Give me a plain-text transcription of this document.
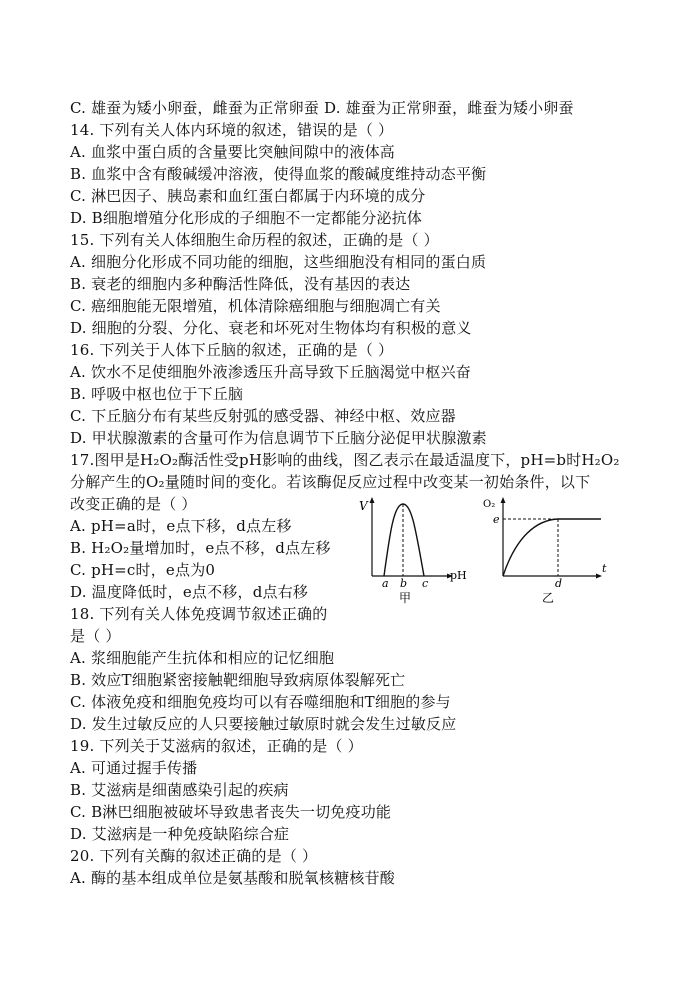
C. 雄蚕为矮小卵蚕，雌蚕为正常卵蚕 D. 雄蚕为正常卵蚕，雌蚕为矮小卵蚕
14. 下列有关人体内环境的叙述，错误的是（ ）
A. 血浆中蛋白质的含量要比突触间隙中的液体高
B. 血浆中含有酸碱缓冲溶液，使得血浆的酸碱度维持动态平衡
C. 淋巴因子、胰岛素和血红蛋白都属于内环境的成分
D. B细胞增殖分化形成的子细胞不一定都能分泌抗体
15. 下列有关人体细胞生命历程的叙述，正确的是（ ）
A. 细胞分化形成不同功能的细胞，这些细胞没有相同的蛋白质
B. 衰老的细胞内多种酶活性降低，没有基因的表达
C. 癌细胞能无限增殖，机体清除癌细胞与细胞凋亡有关
D. 细胞的分裂、分化、衰老和坏死对生物体均有积极的意义
16. 下列关于人体下丘脑的叙述，正确的是（ ）
A. 饮水不足使细胞外液渗透压升高导致下丘脑渴觉中枢兴奋
B. 呼吸中枢也位于下丘脑
C. 下丘脑分布有某些反射弧的感受器、神经中枢、效应器
D. 甲状腺激素的含量可作为信息调节下丘脑分泌促甲状腺激素
17.图甲是H₂O₂酶活性受pH影响的曲线，图乙表示在最适温度下，pH=b时H₂O₂
分解产生的O₂量随时间的变化。若该酶促反应过程中改变某一初始条件，以下
改变正确的是（ ）
A. pH=a时，e点下移，d点左移
B. H₂O₂量增加时，e点不移，d点左移
C. pH=c时，e点为0
D. 温度降低时，e点不移，d点右移
V
pH
a b c
甲
O₂
e
d
t
乙
18. 下列有关人体免疫调节叙述正确的
是（ ）
A. 浆细胞能产生抗体和相应的记忆细胞
B. 效应T细胞紧密接触靶细胞导致病原体裂解死亡
C. 体液免疫和细胞免疫均可以有吞噬细胞和T细胞的参与
D. 发生过敏反应的人只要接触过敏原时就会发生过敏反应
19. 下列关于艾滋病的叙述，正确的是（ ）
A. 可通过握手传播
B. 艾滋病是细菌感染引起的疾病
C. B淋巴细胞被破坏导致患者丧失一切免疫功能
D. 艾滋病是一种免疫缺陷综合症
20. 下列有关酶的叙述正确的是（ ）
A. 酶的基本组成单位是氨基酸和脱氧核糖核苷酸
